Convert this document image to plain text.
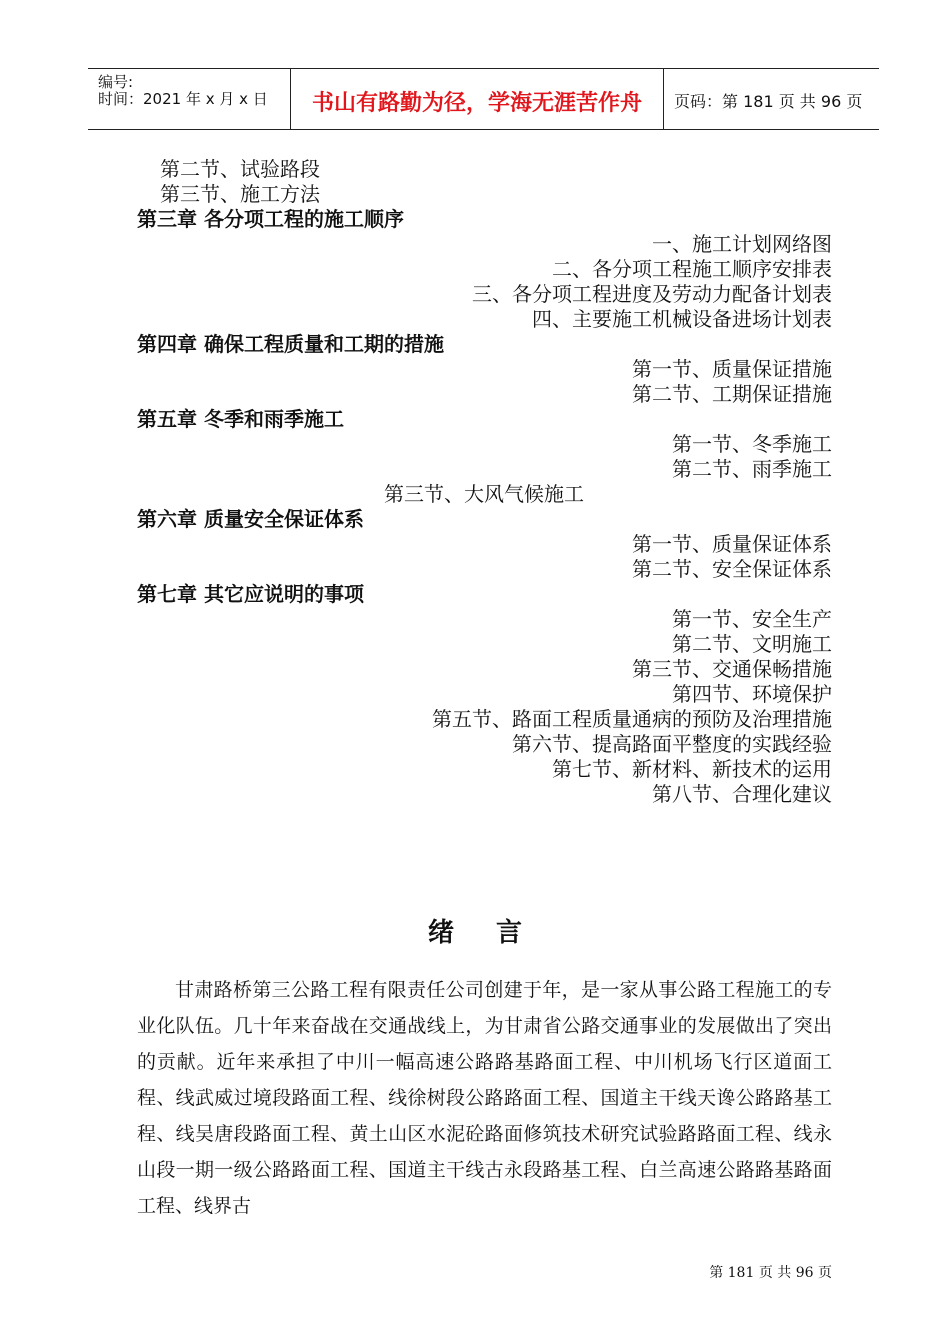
编号:
时间：2021 年 x 月 x 日	书山有路勤为径，学海无涯苦作舟	页码：第 181 页 共 96 页
第二节、试验路段
第三节、施工方法
第三章 各分项工程的施工顺序
一、施工计划网络图
二、各分项工程施工顺序安排表
三、各分项工程进度及劳动力配备计划表
四、主要施工机械设备进场计划表
第四章 确保工程质量和工期的措施
第一节、质量保证措施
第二节、工期保证措施
第五章 冬季和雨季施工
第一节、冬季施工
第二节、雨季施工
第三节、大风气候施工
第六章 质量安全保证体系
第一节、质量保证体系
第二节、安全保证体系
第七章 其它应说明的事项
第一节、安全生产
第二节、文明施工
第三节、交通保畅措施
第四节、环境保护
第五节、路面工程质量通病的预防及治理措施
第六节、提高路面平整度的实践经验
第七节、新材料、新技术的运用
第八节、合理化建议
绪言
甘肃路桥第三公路工程有限责任公司创建于年，是一家从事公路工程施工的专业化队伍。几十年来奋战在交通战线上，为甘肃省公路交通事业的发展做出了突出的贡献。近年来承担了中川一幅高速公路路基路面工程、中川机场飞行区道面工程、线武威过境段路面工程、线徐树段公路路面工程、国道主干线天谗公路路基工程、线吴唐段路面工程、黄土山区水泥砼路面修筑技术研究试验路路面工程、线永山段一期一级公路路面工程、国道主干线古永段路基工程、白兰高速公路路基路面工程、线界古
第 181 页 共 96 页
